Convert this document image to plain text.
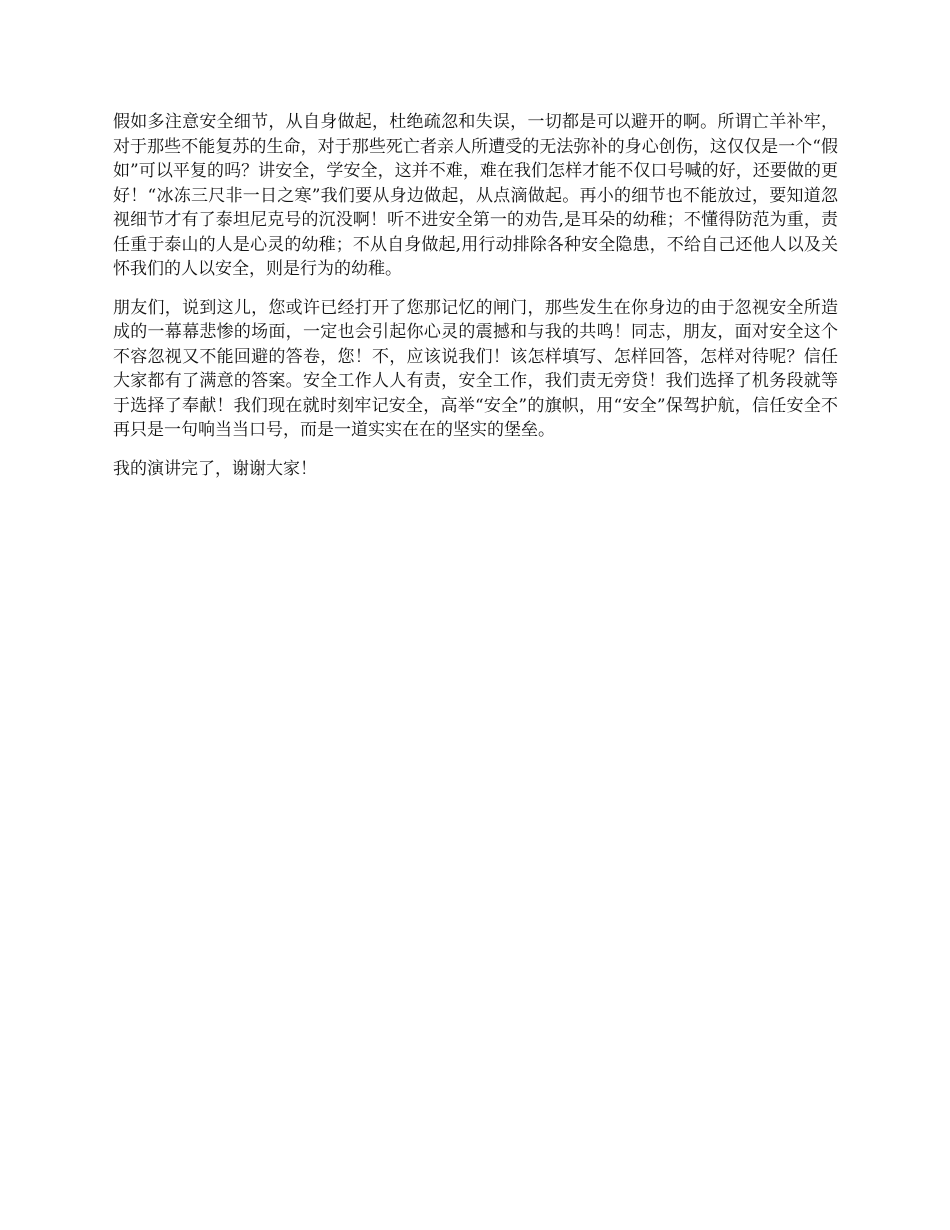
假如多注意安全细节，从自身做起，杜绝疏忽和失误，一切都是可以避开的啊。所谓亡羊补牢，对于那些不能复苏的生命，对于那些死亡者亲人所遭受的无法弥补的身心创伤，这仅仅是一个“假如”可以平复的吗？讲安全，学安全，这并不难，难在我们怎样才能不仅口号喊的好，还要做的更好！“冰冻三尺非一日之寒”我们要从身边做起，从点滴做起。再小的细节也不能放过，要知道忽视细节才有了泰坦尼克号的沉没啊！听不进安全第一的劝告,是耳朵的幼稚；不懂得防范为重，责任重于泰山的人是心灵的幼稚；不从自身做起,用行动排除各种安全隐患，不给自己还他人以及关怀我们的人以安全，则是行为的幼稚。

朋友们，说到这儿，您或许已经打开了您那记忆的闸门，那些发生在你身边的由于忽视安全所造成的一幕幕悲惨的场面，一定也会引起你心灵的震撼和与我的共鸣！同志，朋友，面对安全这个不容忽视又不能回避的答卷，您！不，应该说我们！该怎样填写、怎样回答，怎样对待呢？信任大家都有了满意的答案。安全工作人人有责，安全工作，我们责无旁贷！我们选择了机务段就等于选择了奉献！我们现在就时刻牢记安全，高举“安全”的旗帜，用“安全”保驾护航，信任安全不再只是一句响当当口号，而是一道实实在在的坚实的堡垒。

我的演讲完了，谢谢大家！
